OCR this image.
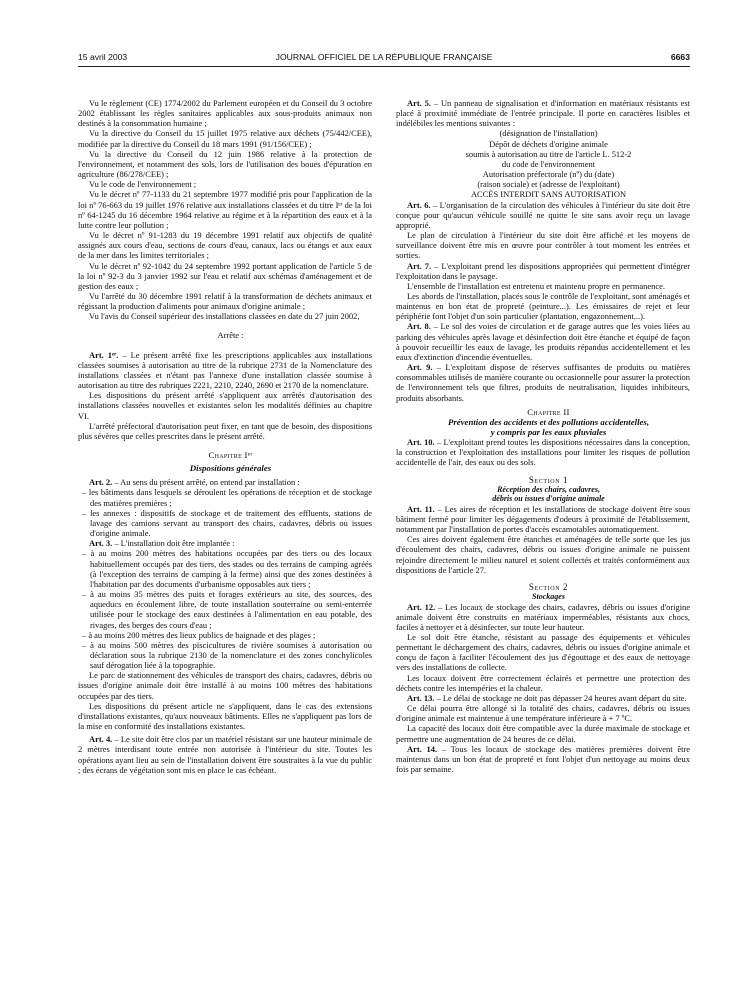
15 avril 2003	JOURNAL OFFICIEL DE LA RÉPUBLIQUE FRANÇAISE	6663

Vu le règlement (CE) 1774/2002 du Parlement européen et du Conseil du 3 octobre 2002 établissant les règles sanitaires applicables aux sous-produits animaux non destinés à la consommation humaine ;

Vu la directive du Conseil du 15 juillet 1975 relative aux déchets (75/442/CEE), modifiée par la directive du Conseil du 18 mars 1991 (91/156/CEE) ;

Vu la directive du Conseil du 12 juin 1986 relative à la protection de l'environnement, et notamment des sols, lors de l'utilisation des boues d'épuration en agriculture (86/278/CEE) ;

Vu le code de l'environnement ;

Vu le décret nº 77-1133 du 21 septembre 1977 modifié pris pour l'application de la loi nº 76-663 du 19 juillet 1976 relative aux installations classées et du titre Iᵉʳ de la loi nº 64-1245 du 16 décembre 1964 relative au régime et à la répartition des eaux et à la lutte contre leur pollution ;

Vu le décret nº 91-1283 du 19 décembre 1991 relatif aux objectifs de qualité assignés aux cours d'eau, sections de cours d'eau, canaux, lacs ou étangs et aux eaux de la mer dans les limites territoriales ;

Vu le décret nº 92-1042 du 24 septembre 1992 portant application de l'article 5 de la loi nº 92-3 du 3 janvier 1992 sur l'eau et relatif aux schémas d'aménagement et de gestion des eaux ;

Vu l'arrêté du 30 décembre 1991 relatif à la transformation de déchets animaux et régissant la production d'aliments pour animaux d'origine animale ;

Vu l'avis du Conseil supérieur des installations classées en date du 27 juin 2002,

Arrête :

Art. 1ᵉʳ. – Le présent arrêté fixe les prescriptions applicables aux installations classées soumises à autorisation au titre de la rubrique 2731 de la Nomenclature des installations classées et n'étant pas l'annexe d'une installation classée soumise à autorisation au titre des rubriques 2221, 2210, 2240, 2690 et 2170 de la nomenclature.

Les dispositions du présent arrêté s'appliquent aux arrêtés d'autorisation des installations classées nouvelles et existantes selon les modalités définies au chapitre VI.

L'arrêté préfectoral d'autorisation peut fixer, en tant que de besoin, des dispositions plus sévères que celles prescrites dans le présent arrêté.

Chapitre Iᵉʳ

Dispositions générales

Art. 2. – Au sens du présent arrêté, on entend par installation :

– les bâtiments dans lesquels se déroulent les opérations de réception et de stockage des matières premières ;

– les annexes : dispositifs de stockage et de traitement des effluents, stations de lavage des camions servant au transport des chairs, cadavres, débris ou issues d'origine animale.

Art. 3. – L'installation doit être implantée :

– à au moins 200 mètres des habitations occupées par des tiers ou des locaux habituellement occupés par des tiers, des stades ou des terrains de camping agréés (à l'exception des terrains de camping à la ferme) ainsi que des zones destinées à l'habitation par des documents d'urbanisme opposables aux tiers ;

– à au moins 35 mètres des puits et forages extérieurs au site, des sources, des aqueducs en écoulement libre, de toute installation souterraine ou semi-enterrée utilisée pour le stockage des eaux destinées à l'alimentation en eau potable, des rivages, des berges des cours d'eau ;

– à au moins 200 mètres des lieux publics de baignade et des plages ;

– à au moins 500 mètres des piscicultures de rivière soumises à autorisation ou déclaration sous la rubrique 2130 de la nomenclature et des zones conchylicoles sauf dérogation liée à la topographie.

Le parc de stationnement des véhicules de transport des chairs, cadavres, débris ou issues d'origine animale doit être installé à au moins 100 mètres des habitations occupées par des tiers.

Les dispositions du présent article ne s'appliquent, dans le cas des extensions d'installations existantes, qu'aux nouveaux bâtiments. Elles ne s'appliquent pas lors de la mise en conformité des installations existantes.

Art. 4. – Le site doit être clos par un matériel résistant sur une hauteur minimale de 2 mètres interdisant toute entrée non autorisée à l'intérieur du site. Toutes les opérations ayant lieu au sein de l'installation doivent être soustraites à la vue du public ; des écrans de végétation sont mis en place le cas échéant.

Art. 5. – Un panneau de signalisation et d'information en matériaux résistants est placé à proximité immédiate de l'entrée principale. Il porte en caractères lisibles et indélébiles les mentions suivantes :

(désignation de l'installation)

Dépôt de déchets d'origine animale

soumis à autorisation au titre de l'article L. 512-2

du code de l'environnement

Autorisation préfectorale (nº) du (date)

(raison sociale) et (adresse de l'exploitant)

ACCÈS INTERDIT SANS AUTORISATION

Art. 6. – L'organisation de la circulation des véhicules à l'intérieur du site doit être conçue pour qu'aucun véhicule souillé ne quitte le site sans avoir reçu un lavage approprié.

Le plan de circulation à l'intérieur du site doit être affiché et les moyens de surveillance doivent être mis en œuvre pour contrôler à tout moment les entrées et sorties.

Art. 7. – L'exploitant prend les dispositions appropriées qui permettent d'intégrer l'exploitation dans le paysage.

L'ensemble de l'installation est entretenu et maintenu propre en permanence.

Les abords de l'installation, placés sous le contrôle de l'exploitant, sont aménagés et maintenus en bon état de propreté (peinture...). Les émissaires de rejet et leur périphérie font l'objet d'un soin particulier (plantation, engazonnement...).

Art. 8. – Le sol des voies de circulation et de garage autres que les voies liées au parking des véhicules après lavage et désinfection doit être étanche et équipé de façon à pouvoir recueillir les eaux de lavage, les produits répandus accidentellement et les eaux d'extinction d'incendie éventuelles.

Art. 9. – L'exploitant dispose de réserves suffisantes de produits ou matières consommables utilisés de manière courante ou occasionnelle pour assurer la protection de l'environnement tels que filtres, produits de neutralisation, liquides inhibiteurs, produits absorbants.

Chapitre II

Prévention des accidents et des pollutions accidentelles,

y compris par les eaux pluviales

Art. 10. – L'exploitant prend toutes les dispositions nécessaires dans la conception, la construction et l'exploitation des installations pour limiter les risques de pollution accidentelle de l'air, des eaux ou des sols.

Section 1

Réception des chairs, cadavres,

débris ou issues d'origine animale

Art. 11. – Les aires de réception et les installations de stockage doivent être sous bâtiment fermé pour limiter les dégagements d'odeurs à proximité de l'établissement, notamment par l'installation de portes d'accès escamotables automatiquement.

Ces aires doivent également être étanches et aménagées de telle sorte que les jus d'écoulement des chairs, cadavres, débris ou issues d'origine animale ne puissent rejoindre directement le milieu naturel et soient collectés et traités conformément aux dispositions de l'article 27.

Section 2

Stockages

Art. 12. – Les locaux de stockage des chairs, cadavres, débris ou issues d'origine animale doivent être construits en matériaux imperméables, résistants aux chocs, faciles à nettoyer et à désinfecter, sur toute leur hauteur.

Le sol doit être étanche, résistant au passage des équipements et véhicules permettant le déchargement des chairs, cadavres, débris ou issues d'origine animale et conçu de façon à faciliter l'écoulement des jus d'égouttage et des eaux de nettoyage vers des installations de collecte.

Les locaux doivent être correctement éclairés et permettre une protection des déchets contre les intempéries et la chaleur.

Art. 13. – Le délai de stockage ne doit pas dépasser 24 heures avant départ du site.

Ce délai pourra être allongé si la totalité des chairs, cadavres, débris ou issues d'origine animale est maintenue à une température inférieure à + 7 ºC.

La capacité des locaux doit être compatible avec la durée maximale de stockage et permettre une augmentation de 24 heures de ce délai.

Art. 14. – Tous les locaux de stockage des matières premières doivent être maintenus dans un bon état de propreté et font l'objet d'un nettoyage au moins deux fois par semaine.
